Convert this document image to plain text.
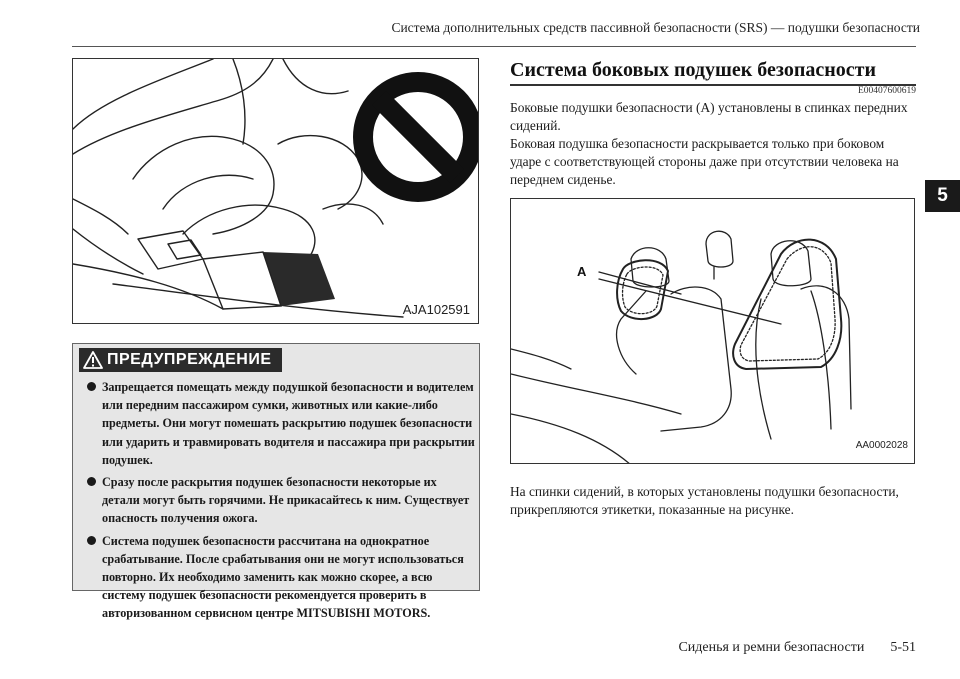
Система дополнительных средств пассивной безопасности (SRS) — подушки безопасности
5
AJA102591
ПРЕДУПРЕЖДЕНИЕ
Запрещается помещать между подушкой безопасности и водителем или передним пассажиром сумки, животных или какие-либо предметы. Они могут помешать раскрытию подушек безопасности или ударить и травмировать водителя и пассажира при раскрытии подушек.
Сразу после раскрытия подушек безопасности некоторые их детали могут быть горячими. Не прикасайтесь к ним. Существует опасность получения ожога.
Система подушек безопасности рассчитана на однократное срабатывание. После срабатывания они не могут использоваться повторно. Их необходимо заменить как можно скорее, а всю систему подушек безопасности рекомендуется проверить в авторизованном сервисном центре MITSUBISHI MOTORS.
Система боковых подушек безопасности
E00407600619
Боковые подушки безопасности (A) установлены в спинках передних сидений.
Боковая подушка безопасности раскрывается только при боковом ударе с соответствующей стороны даже при отсутствии человека на переднем сиденье.
A
AA0002028
На спинки сидений, в которых установлены подушки безопасности, прикрепляются этикетки, показанные на рисунке.
Сиденья и ремни безопасности 5-51
